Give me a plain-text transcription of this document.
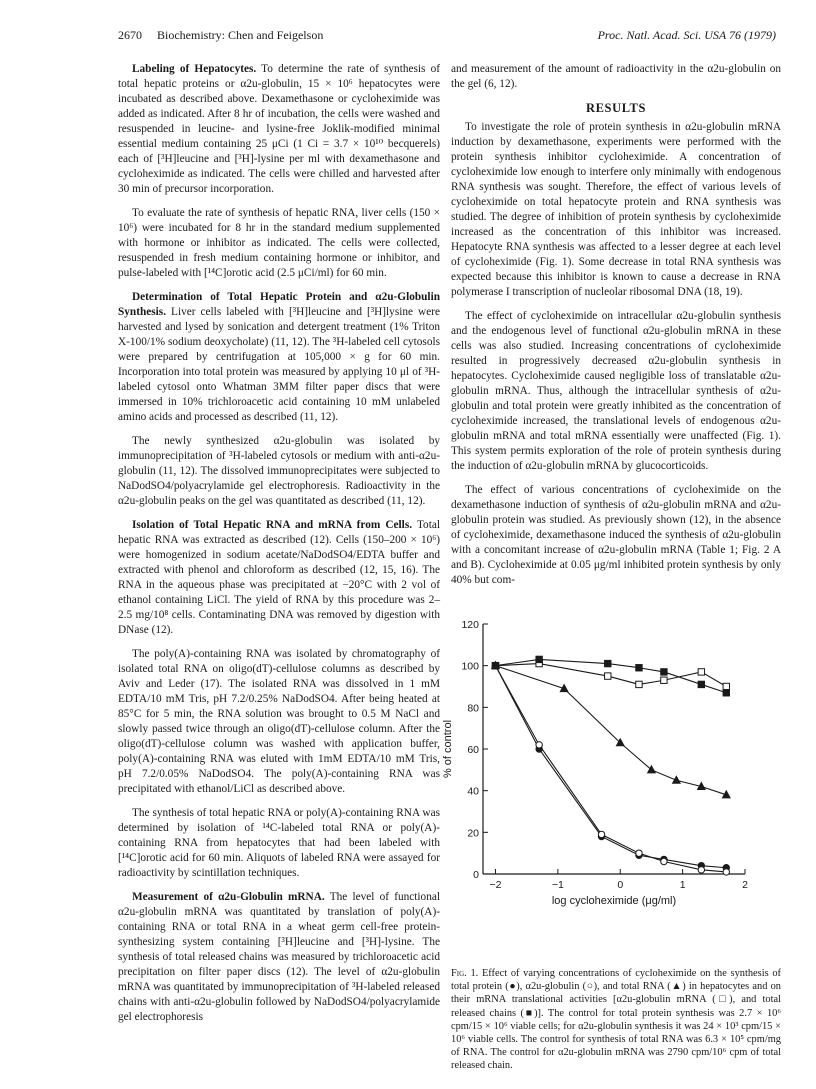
2670 Biochemistry: Chen and Feigelson	Proc. Natl. Acad. Sci. USA 76 (1979)

Labeling of Hepatocytes. To determine the rate of synthesis of total hepatic proteins or α2u-globulin, 15 × 10⁶ hepatocytes were incubated as described above. Dexamethasone or cycloheximide was added as indicated. After 8 hr of incubation, the cells were washed and resuspended in leucine- and lysine-free Joklik-modified minimal essential medium containing 25 μCi (1 Ci = 3.7 × 10¹⁰ becquerels) each of [³H]leucine and [³H]-lysine per ml with dexamethasone and cycloheximide as indicated. The cells were chilled and harvested after 30 min of precursor incorporation.

To evaluate the rate of synthesis of hepatic RNA, liver cells (150 × 10⁶) were incubated for 8 hr in the standard medium supplemented with hormone or inhibitor as indicated. The cells were collected, resuspended in fresh medium containing hormone or inhibitor, and pulse-labeled with [¹⁴C]orotic acid (2.5 μCi/ml) for 60 min.

Determination of Total Hepatic Protein and α2u-Globulin Synthesis. Liver cells labeled with [³H]leucine and [³H]lysine were harvested and lysed by sonication and detergent treatment (1% Triton X-100/1% sodium deoxycholate) (11, 12). The ³H-labeled cell cytosols were prepared by centrifugation at 105,000 × g for 60 min. Incorporation into total protein was measured by applying 10 μl of ³H-labeled cytosol onto Whatman 3MM filter paper discs that were immersed in 10% trichloroacetic acid containing 10 mM unlabeled amino acids and processed as described (11, 12).

The newly synthesized α2u-globulin was isolated by immunoprecipitation of ³H-labeled cytosols or medium with anti-α2u-globulin (11, 12). The dissolved immunoprecipitates were subjected to NaDodSO4/polyacrylamide gel electrophoresis. Radioactivity in the α2u-globulin peaks on the gel was quantitated as described (11, 12).

Isolation of Total Hepatic RNA and mRNA from Cells. Total hepatic RNA was extracted as described (12). Cells (150–200 × 10⁶) were homogenized in sodium acetate/NaDodSO4/EDTA buffer and extracted with phenol and chloroform as described (12, 15, 16). The RNA in the aqueous phase was precipitated at −20°C with 2 vol of ethanol containing LiCl. The yield of RNA by this procedure was 2–2.5 mg/10⁸ cells. Contaminating DNA was removed by digestion with DNase (12).

The poly(A)-containing RNA was isolated by chromatography of isolated total RNA on oligo(dT)-cellulose columns as described by Aviv and Leder (17). The isolated RNA was dissolved in 1 mM EDTA/10 mM Tris, pH 7.2/0.25% NaDodSO4. After being heated at 85°C for 5 min, the RNA solution was brought to 0.5 M NaCl and slowly passed twice through an oligo(dT)-cellulose column. After the oligo(dT)-cellulose column was washed with application buffer, poly(A)-containing RNA was eluted with 1mM EDTA/10 mM Tris, pH 7.2/0.05% NaDodSO4. The poly(A)-containing RNA was precipitated with ethanol/LiCl as described above.

The synthesis of total hepatic RNA or poly(A)-containing RNA was determined by isolation of ¹⁴C-labeled total RNA or poly(A)-containing RNA from hepatocytes that had been labeled with [¹⁴C]orotic acid for 60 min. Aliquots of labeled RNA were assayed for radioactivity by scintillation techniques.

Measurement of α2u-Globulin mRNA. The level of functional α2u-globulin mRNA was quantitated by translation of poly(A)-containing RNA or total RNA in a wheat germ cell-free protein-synthesizing system containing [³H]leucine and [³H]-lysine. The synthesis of total released chains was measured by trichloroacetic acid precipitation on filter paper discs (12). The level of α2u-globulin mRNA was quantitated by immunoprecipitation of ³H-labeled released chains with anti-α2u-globulin followed by NaDodSO4/polyacrylamide gel electrophoresis

and measurement of the amount of radioactivity in the α2u-globulin on the gel (6, 12).

RESULTS

To investigate the role of protein synthesis in α2u-globulin mRNA induction by dexamethasone, experiments were performed with the protein synthesis inhibitor cycloheximide. A concentration of cycloheximide low enough to interfere only minimally with endogenous RNA synthesis was sought. Therefore, the effect of various levels of cycloheximide on total hepatocyte protein and RNA synthesis was studied. The degree of inhibition of protein synthesis by cycloheximide increased as the concentration of this inhibitor was increased. Hepatocyte RNA synthesis was affected to a lesser degree at each level of cycloheximide (Fig. 1). Some decrease in total RNA synthesis was expected because this inhibitor is known to cause a decrease in RNA polymerase I transcription of nucleolar ribosomal DNA (18, 19).

The effect of cycloheximide on intracellular α2u-globulin synthesis and the endogenous level of functional α2u-globulin mRNA in these cells was also studied. Increasing concentrations of cycloheximide resulted in progressively decreased α2u-globulin synthesis in hepatocytes. Cycloheximide caused negligible loss of translatable α2u-globulin mRNA. Thus, although the intracellular synthesis of α2u-globulin and total protein were greatly inhibited as the concentration of cycloheximide increased, the translational levels of endogenous α2u-globulin mRNA and total mRNA essentially were unaffected (Fig. 1). This system permits exploration of the role of protein synthesis during the induction of α2u-globulin mRNA by glucocorticoids.

The effect of various concentrations of cycloheximide on the dexamethasone induction of synthesis of α2u-globulin mRNA and α2u-globulin protein was studied. As previously shown (12), in the absence of cycloheximide, dexamethasone induced the synthesis of α2u-globulin with a concomitant increase of α2u-globulin mRNA (Table 1; Fig. 2 A and B). Cycloheximide at 0.05 μg/ml inhibited protein synthesis by only 40% but com-

0
20
40
60
80
100
120
−2	−1	0	1	2
% of control
log cycloheximide (μg/ml)
Fig. 1. Effect of varying concentrations of cycloheximide on the synthesis of total protein (●), α2u-globulin (○), and total RNA (▲) in hepatocytes and on their mRNA translational activities [α2u-globulin mRNA (□), and total released chains (■)]. The control for total protein synthesis was 2.7 × 10⁶ cpm/15 × 10⁶ viable cells; for α2u-globulin synthesis it was 24 × 10³ cpm/15 × 10⁶ viable cells. The control for synthesis of total RNA was 6.3 × 10⁵ cpm/mg of RNA. The control for α2u-globulin mRNA was 2790 cpm/10⁶ cpm of total released chain.
